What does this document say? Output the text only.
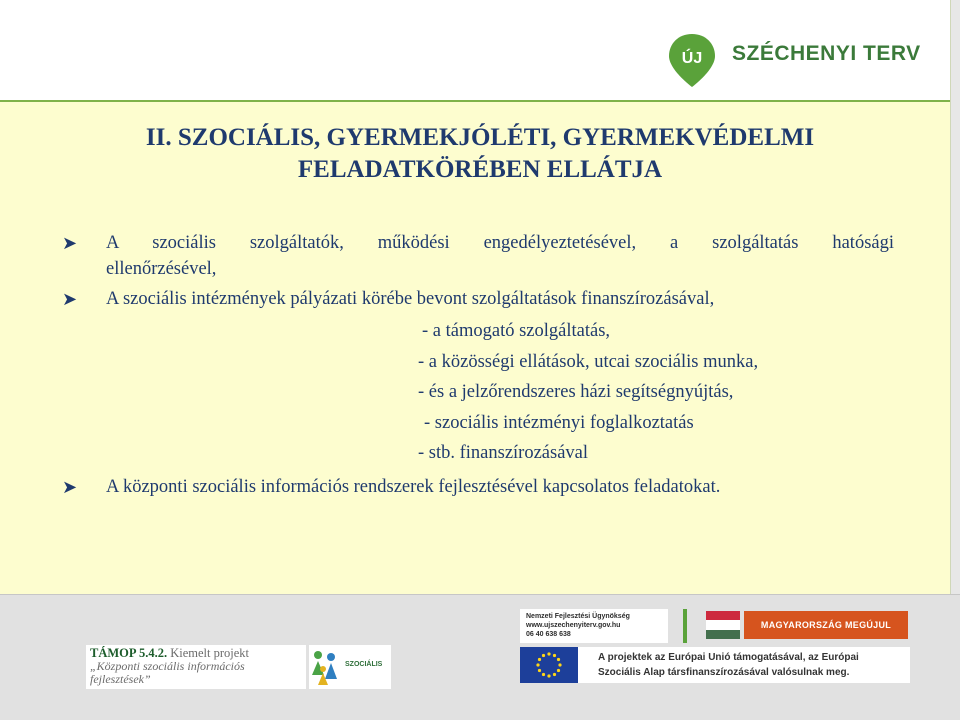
ÚJ SZÉCHENYI TERV
II. SZOCIÁLIS, GYERMEKJÓLÉTI, GYERMEKVÉDELMI
FELADATKÖRÉBEN ELLÁTJA
➤ A szociális szolgáltatók, működési engedélyeztetésével, a szolgáltatás hatósági
ellenőrzésével,
➤ A szociális intézmények pályázati körébe bevont szolgáltatások finanszírozásával,
- a támogató szolgáltatás,
- a közösségi ellátások, utcai szociális munka,
- és a jelzőrendszeres házi segítségnyújtás,
- szociális intézményi foglalkoztatás
- stb. finanszírozásával
➤ A központi szociális információs rendszerek fejlesztésével kapcsolatos feladatokat.
TÁMOP 5.4.2. Kiemelt projekt
„Központi szociális információs
fejlesztések”
SZOCIÁLIS
Nemzeti Fejlesztési Ügynökség
www.ujszechenyiterv.gov.hu
06 40 638 638
MAGYARORSZÁG MEGÚJUL
A projektek az Európai Unió támogatásával, az Európai
Szociális Alap társfinanszírozásával valósulnak meg.
